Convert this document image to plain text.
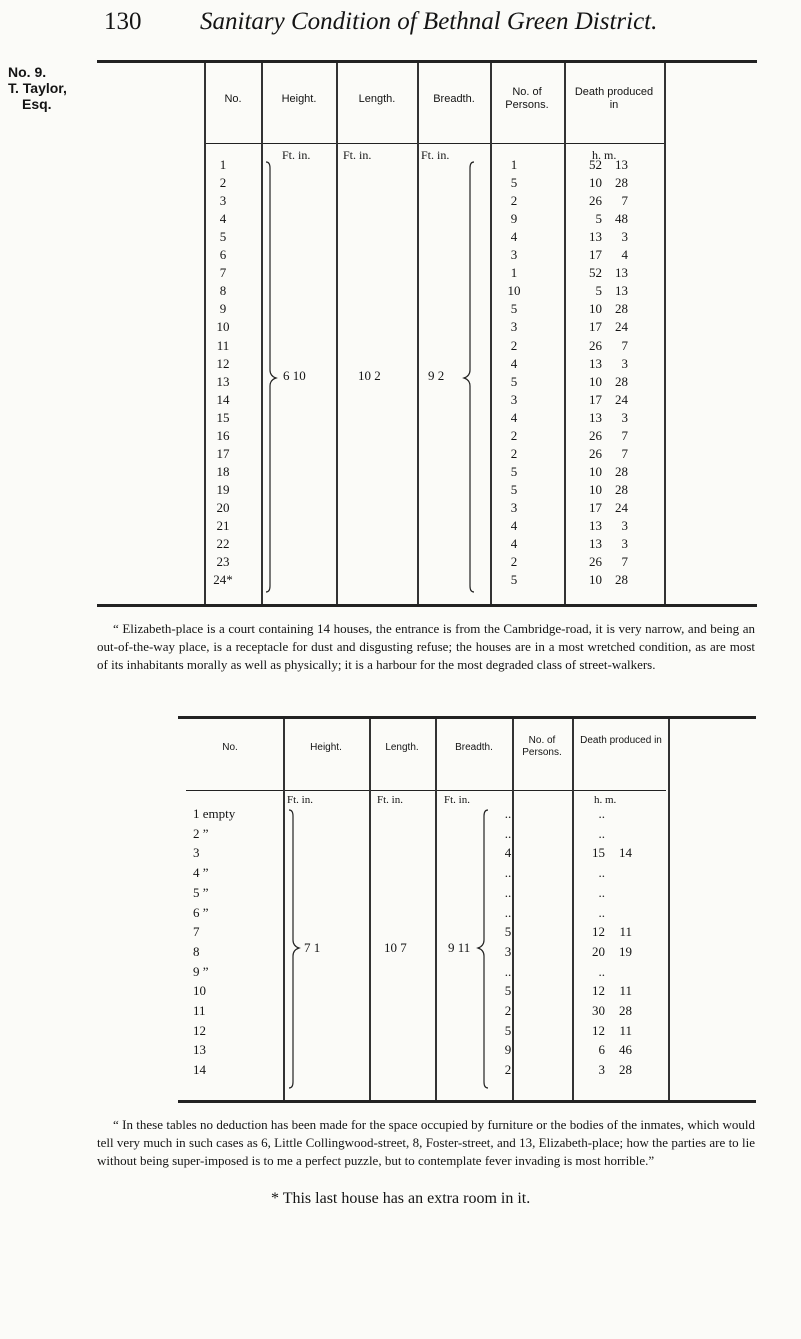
130 Sanitary Condition of Bethnal Green District.
No. 9.
T. Taylor,
Esq.	No.	Height.	Length.	Breadth.
No. of Persons.
Death produced in
Ft. in.	Ft. in.	Ft. in.	h. m.
1	1	52	13
2	5	10	28
3	2	26	7
4	9	5	48
5	4	13	3
6	3	17	4
7	1	52	13
8	10	5	13
9	5	10	28
10	3	17	24
11	2	26	7
12	4	13	3
13	5	10	28
14	3	17	24
15	4	13	3
16	2	26	7
17	2	26	7
18	5	10	28
19	5	10	28
20	3	17	24
21	4	13	3
22	4	13	3
23	2	26	7
24*	5	10	28
6 10	10 2	9 2
“ Elizabeth-place is a court containing 14 houses, the entrance is from the Cambridge-road, it is very narrow, and being an out-of-the-way place, is a receptacle for dust and disgusting refuse; the houses are in a most wretched condition, as are most of its inhabitants morally as well as physically; it is a harbour for the most degraded class of street-walkers.
No.	Height.	Length.	Breadth.
No. of Persons.
Death produced in
Ft. in.	Ft. in.	Ft. in.	h. m.
1 empty	..	..
2 ”	..	..
3	4	15	14
4 ”	..	..
5 ”	..	..
6 ”	..	..
7	5	12	11
8	3	20	19
9 ”	..	..
10	5	12	11
11	2	30	28
12	5	12	11
13	9	6	46
14	2	3	28
7 1	10 7	9 11
“ In these tables no deduction has been made for the space occupied by furniture or the bodies of the inmates, which would tell very much in such cases as 6, Little Collingwood-street, 8, Foster-street, and 13, Elizabeth-place; how the parties are to lie without being super-imposed is to me a perfect puzzle, but to contemplate fever invading is most horrible.”
* This last house has an extra room in it.
